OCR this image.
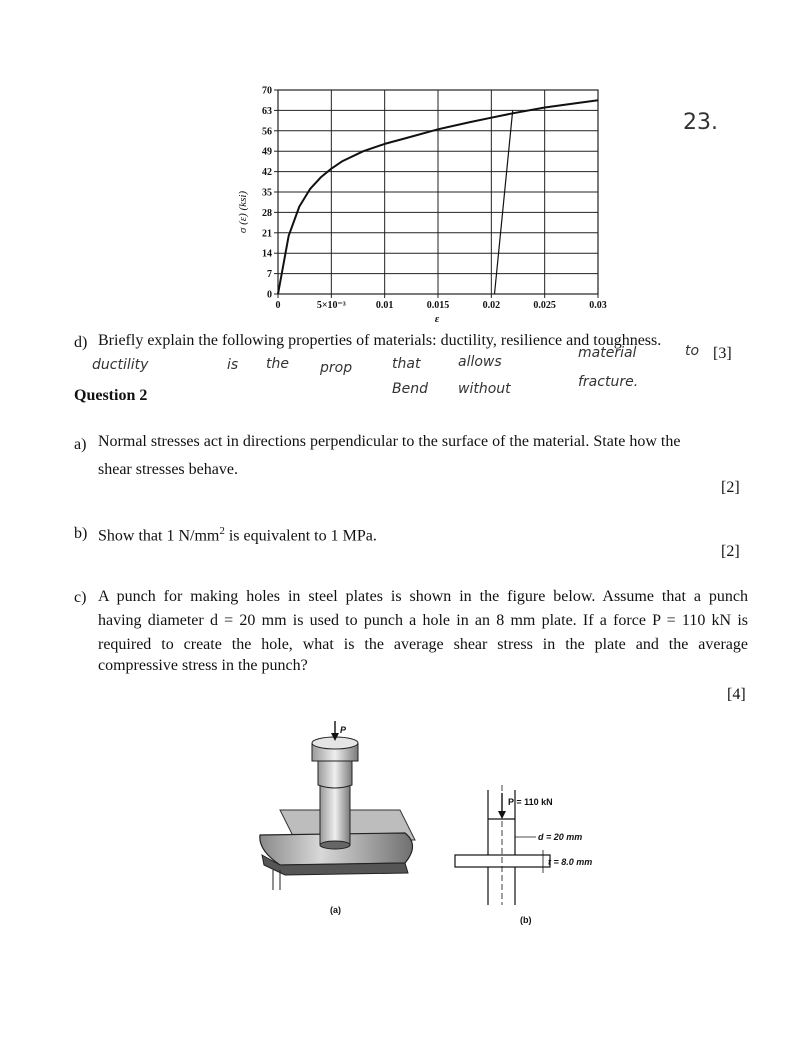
0
7
14
21
28
35
42
49
56
63
70
0	5×10⁻³	0.01	0.015	0.02	0.025	0.03
σ (ε) (ksi)
ε
23.
d) Briefly explain the following properties of materials: ductility, resilience and toughness.
[3]
ductility	is the prop	that	allows
material	to
Bend without	fracture.
Question 2
a) Normal stresses act in directions perpendicular to the surface of the material. State how the
shear stresses behave.
[2]
b) Show that 1 $N/mm^2$ is equivalent to 1 MPa.
[2]
c) A punch for making holes in steel plates is shown in the figure below. Assume that a punch
having diameter d = 20 mm is used to punch a hole in an 8 mm plate. If a force P = 110 kN is
required to create the hole, what is the average shear stress in the plate and the average
compressive stress in the punch?
[4]
P
(a)
P = 110 kN
d = 20 mm
t = 8.0 mm
(b)
